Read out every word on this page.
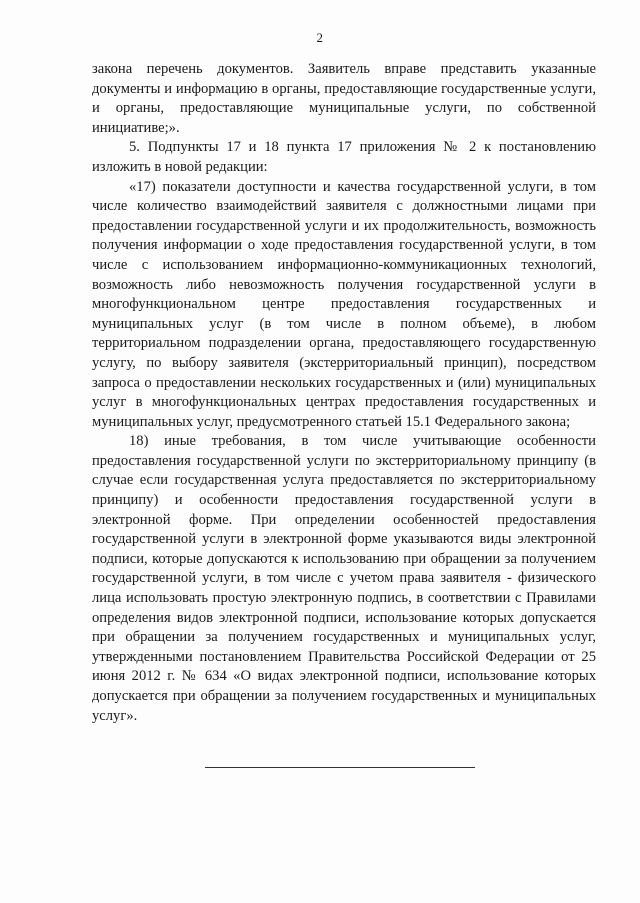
2

закона перечень документов. Заявитель вправе представить указанные документы и информацию в органы, предоставляющие государственные услуги, и органы, предоставляющие муниципальные услуги, по собственной инициативе;».

5. Подпункты 17 и 18 пункта 17 приложения № 2 к постановлению изложить в новой редакции:

«17) показатели доступности и качества государственной услуги, в том числе количество взаимодействий заявителя с должностными лицами при предоставлении государственной услуги и их продолжительность, возможность получения информации о ходе предоставления государственной услуги, в том числе с использованием информационно-коммуникационных технологий, возможность либо невозможность получения государственной услуги в многофункциональном центре предоставления государственных и муниципальных услуг (в том числе в полном объеме), в любом территориальном подразделении органа, предоставляющего государственную услугу, по выбору заявителя (экстерриториальный принцип), посредством запроса о предоставлении нескольких государственных и (или) муниципальных услуг в многофункциональных центрах предоставления государственных и муниципальных услуг, предусмотренного статьей 15.1 Федерального закона;

18) иные требования, в том числе учитывающие особенности предоставления государственной услуги по экстерриториальному принципу (в случае если государственная услуга предоставляется по экстерриториальному принципу) и особенности предоставления государственной услуги в электронной форме. При определении особенностей предоставления государственной услуги в электронной форме указываются виды электронной подписи, которые допускаются к использованию при обращении за получением государственной услуги, в том числе с учетом права заявителя - физического лица использовать простую электронную подпись, в соответствии с Правилами определения видов электронной подписи, использование которых допускается при обращении за получением государственных и муниципальных услуг, утвержденными постановлением Правительства Российской Федерации от 25 июня 2012 г. № 634 «О видах электронной подписи, использование которых допускается при обращении за получением государственных и муниципальных услуг».
